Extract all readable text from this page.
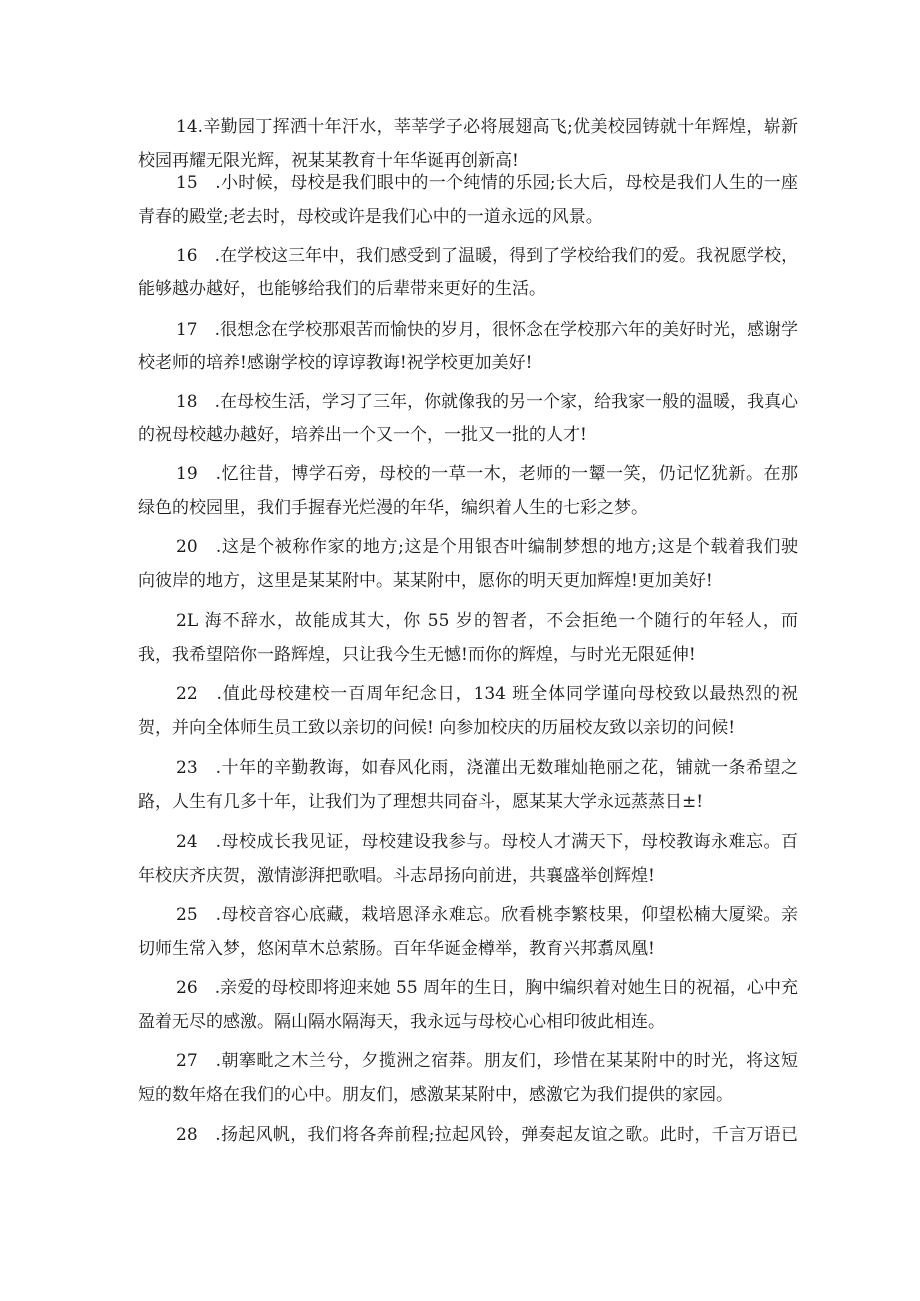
14.辛勤园丁挥洒十年汗水，莘莘学子必将展翅高飞;优美校园铸就十年辉煌，崭新
校园再耀无限光辉，祝某某教育十年华诞再创新高!
15　.小时候，母校是我们眼中的一个纯情的乐园;长大后，母校是我们人生的一座
青春的殿堂;老去时，母校或许是我们心中的一道永远的风景。
16　.在学校这三年中，我们感受到了温暖，得到了学校给我们的爱。我祝愿学校，
能够越办越好，也能够给我们的后辈带来更好的生活。
17　.很想念在学校那艰苦而愉快的岁月，很怀念在学校那六年的美好时光，感谢学
校老师的培养!感谢学校的谆谆教诲!祝学校更加美好!
18　.在母校生活，学习了三年，你就像我的另一个家，给我家一般的温暖，我真心
的祝母校越办越好，培养出一个又一个，一批又一批的人才!
19　.忆往昔，博学石旁，母校的一草一木，老师的一颦一笑，仍记忆犹新。在那
绿色的校园里，我们手握春光烂漫的年华，编织着人生的七彩之梦。
20　.这是个被称作家的地方;这是个用银杏叶编制梦想的地方;这是个载着我们驶
向彼岸的地方，这里是某某附中。某某附中，愿你的明天更加辉煌!更加美好!
2L 海不辞水，故能成其大，你 55 岁的智者，不会拒绝一个随行的年轻人，而
我，我希望陪你一路辉煌，只让我今生无憾!而你的辉煌，与时光无限延伸!
22　.值此母校建校一百周年纪念日，134 班全体同学谨向母校致以最热烈的祝
贺，并向全体师生员工致以亲切的问候! 向参加校庆的历届校友致以亲切的问候!
23　.十年的辛勤教诲，如春风化雨，浇灌出无数璀灿艳丽之花，铺就一条希望之
路，人生有几多十年，让我们为了理想共同奋斗，愿某某大学永远蒸蒸日±!
24　.母校成长我见证，母校建设我参与。母校人才满天下，母校教诲永难忘。百
年校庆齐庆贺，激情澎湃把歌唱。斗志昂扬向前进，共襄盛举创辉煌!
25　.母校音容心底藏，栽培恩泽永难忘。欣看桃李繁枝果，仰望松楠大厦梁。亲
切师生常入梦，悠闲草木总萦肠。百年华诞金樽举，教育兴邦翥凤凰!
26　.亲爱的母校即将迎来她 55 周年的生日，胸中编织着对她生日的祝福，心中充
盈着无尽的感激。隔山隔水隔海天，我永远与母校心心相印彼此相连。
27　.朝搴毗之木兰兮，夕揽洲之宿莽。朋友们，珍惜在某某附中的时光，将这短
短的数年烙在我们的心中。朋友们，感激某某附中，感激它为我们提供的家园。
28　.扬起风帆，我们将各奔前程;拉起风铃，弹奏起友谊之歌。此时，千言万语已
